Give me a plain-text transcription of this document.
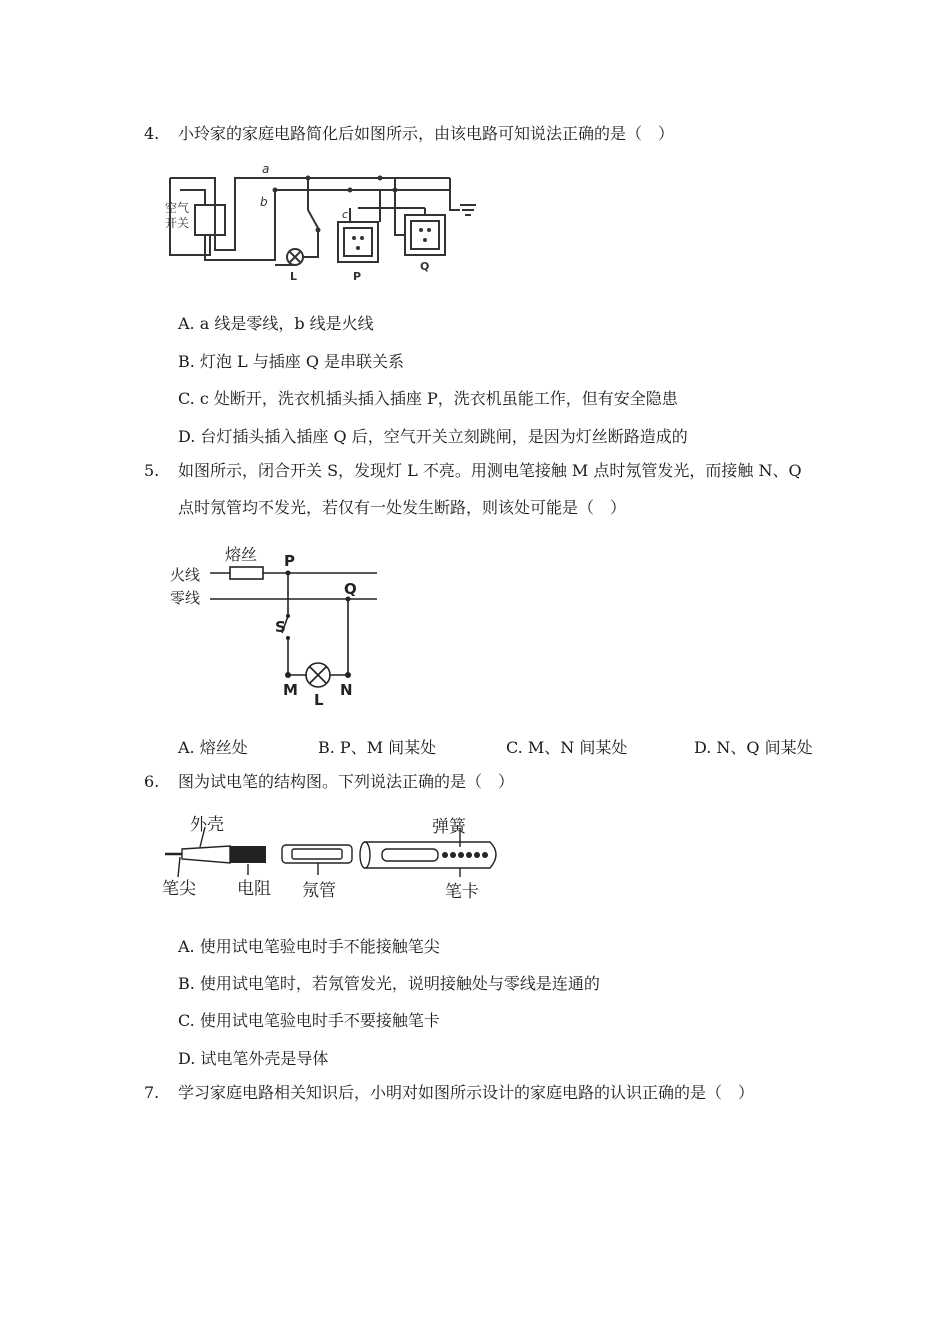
4. 小玲家的家庭电路简化后如图所示，由该电路可知说法正确的是（　）
空气
开关
a
b
c
L	P
Q
A. a 线是零线，b 线是火线
B. 灯泡 L 与插座 Q 是串联关系
C. c 处断开，洗衣机插头插入插座 P，洗衣机虽能工作，但有安全隐患
D. 台灯插头插入插座 Q 后，空气开关立刻跳闸，是因为灯丝断路造成的
5. 如图所示，闭合开关 S，发现灯 L 不亮。用测电笔接触 M 点时氖管发光，而接触 N、Q
点时氖管均不发光，若仅有一处发生断路，则该处可能是（　）
熔丝
火线
零线
P
Q
S
M	N
L
A. 熔丝处	B. P、M 间某处	C. M、N 间某处	D. N、Q 间某处
6. 图为试电笔的结构图。下列说法正确的是（　）
外壳
笔尖 电阻 氖管
弹簧
笔卡
A. 使用试电笔验电时手不能接触笔尖
B. 使用试电笔时，若氖管发光，说明接触处与零线是连通的
C. 使用试电笔验电时手不要接触笔卡
D. 试电笔外壳是导体
7. 学习家庭电路相关知识后，小明对如图所示设计的家庭电路的认识正确的是（　）
